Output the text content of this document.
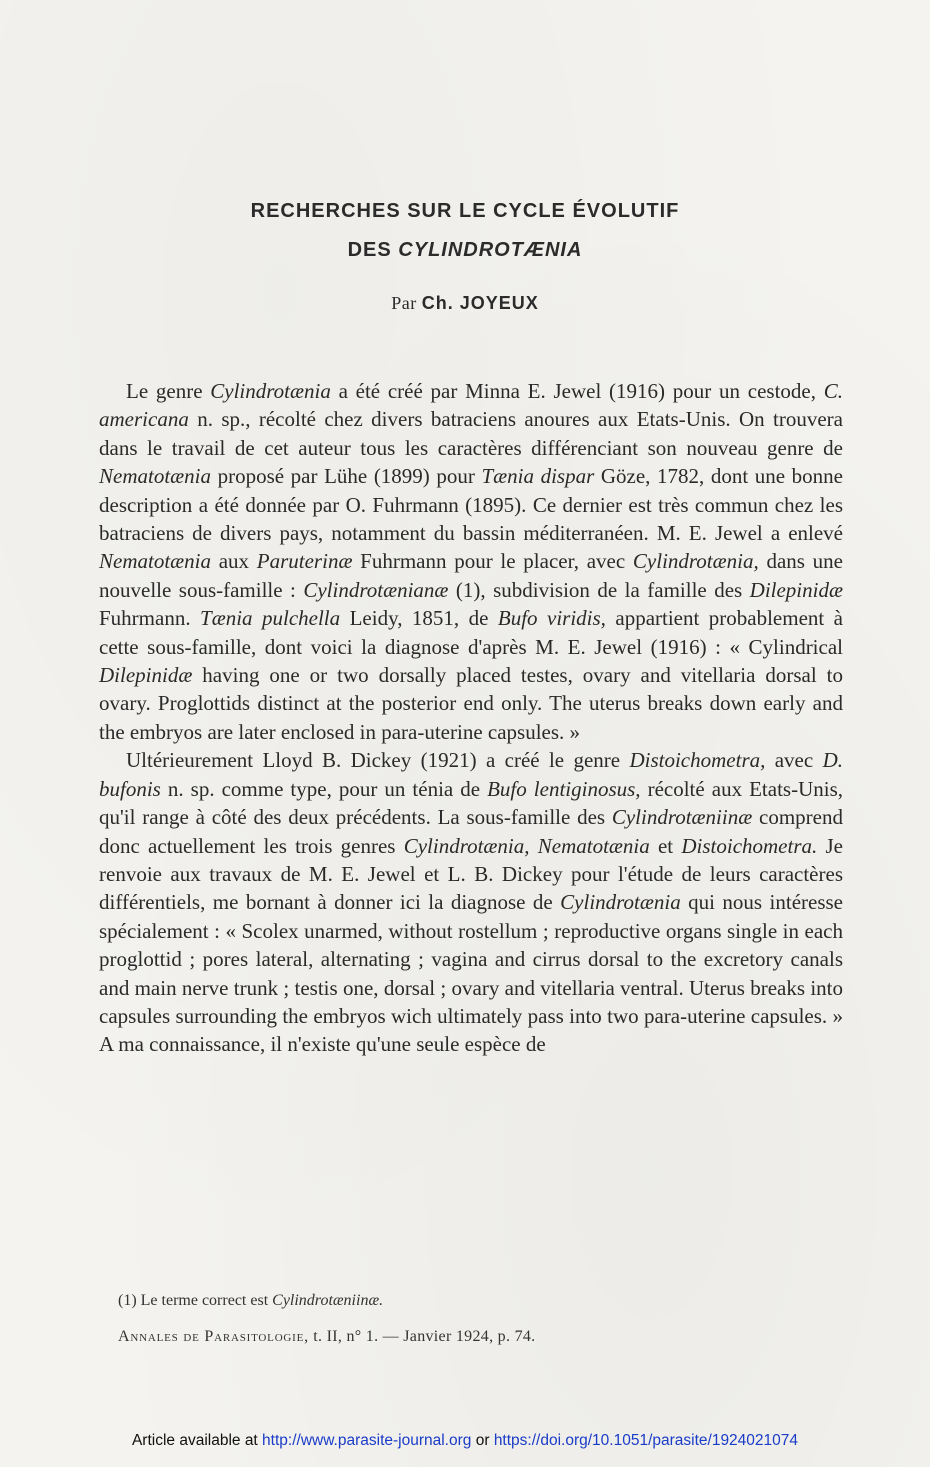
RECHERCHES SUR LE CYCLE ÉVOLUTIF
DES CYLINDROTÆNIA
Par Ch. JOYEUX

Le genre Cylindrotænia a été créé par Minna E. Jewel (1916) pour un cestode, C. americana n. sp., récolté chez divers batraciens anoures aux Etats-Unis. On trouvera dans le travail de cet auteur tous les caractères différenciant son nouveau genre de Nematotænia proposé par Lühe (1899) pour Tænia dispar Göze, 1782, dont une bonne description a été donnée par O. Fuhrmann (1895). Ce dernier est très commun chez les batraciens de divers pays, notamment du bassin méditerranéen. M. E. Jewel a enlevé Nematotænia aux Paruterinæ Fuhrmann pour le placer, avec Cylindrotænia, dans une nouvelle sous-famille : Cylindrotænianæ (1), subdivision de la famille des Dilepinidæ Fuhrmann. Tænia pulchella Leidy, 1851, de Bufo viridis, appartient probablement à cette sous-famille, dont voici la diagnose d'après M. E. Jewel (1916) : « Cylindrical Dilepinidæ having one or two dorsally placed testes, ovary and vitellaria dorsal to ovary. Proglottids distinct at the posterior end only. The uterus breaks down early and the embryos are later enclosed in para-uterine capsules. »

Ultérieurement Lloyd B. Dickey (1921) a créé le genre Distoichometra, avec D. bufonis n. sp. comme type, pour un ténia de Bufo lentiginosus, récolté aux Etats-Unis, qu'il range à côté des deux précédents. La sous-famille des Cylindrotæniinæ comprend donc actuellement les trois genres Cylindrotænia, Nematotænia et Distoichometra. Je renvoie aux travaux de M. E. Jewel et L. B. Dickey pour l'étude de leurs caractères différentiels, me bornant à donner ici la diagnose de Cylindrotænia qui nous intéresse spécialement : « Scolex unarmed, without rostellum ; reproductive organs single in each proglottid ; pores lateral, alternating ; vagina and cirrus dorsal to the excretory canals and main nerve trunk ; testis one, dorsal ; ovary and vitellaria ventral. Uterus breaks into capsules surrounding the embryos wich ultimately pass into two para-uterine capsules. » A ma connaissance, il n'existe qu'une seule espèce de

(1) Le terme correct est Cylindrotæniinæ.
Annales de Parasitologie, t. II, n° 1. — Janvier 1924, p. 74.
Article available at http://www.parasite-journal.org or https://doi.org/10.1051/parasite/1924021074
